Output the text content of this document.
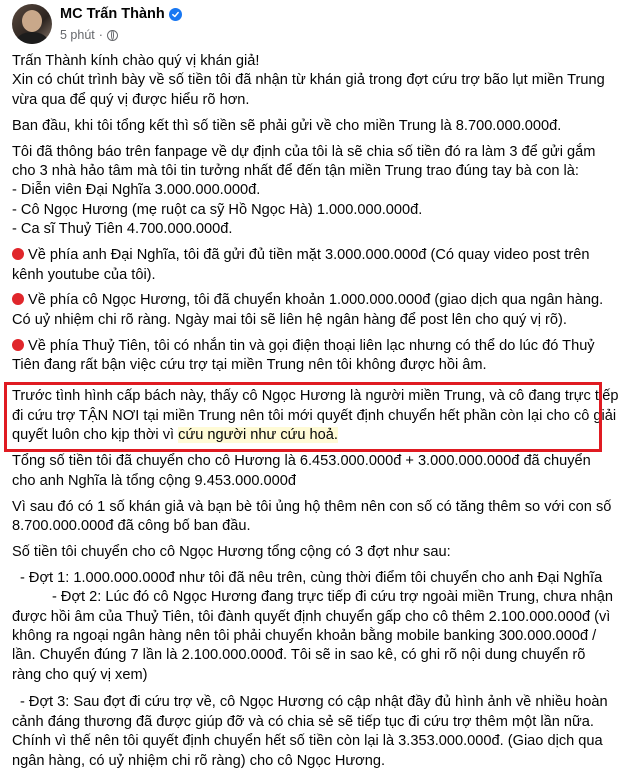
MC Trấn Thành
5 phút ·
Trấn Thành kính chào quý vị khán giả!
Xin có chút trình bày về số tiền tôi đã nhận từ khán giả trong đợt cứu trợ bão lụt miền Trung
vừa qua để quý vị được hiểu rõ hơn.
Ban đầu, khi tôi tổng kết thì số tiền sẽ phải gửi về cho miền Trung là 8.700.000.000đ.
Tôi đã thông báo trên fanpage về dự định của tôi là sẽ chia số tiền đó ra làm 3 để gửi gắm
cho 3 nhà hảo tâm mà tôi tin tưởng nhất để đến tận miền Trung trao đúng tay bà con là:
- Diễn viên Đại Nghĩa 3.000.000.000đ.
- Cô Ngọc Hương (mẹ ruột ca sỹ Hồ Ngọc Hà) 1.000.000.000đ.
- Ca sĩ Thuỷ Tiên 4.700.000.000đ.
Về phía anh Đại Nghĩa, tôi đã gửi đủ tiền mặt 3.000.000.000đ (Có quay video post trên
kênh youtube của tôi).
Về phía cô Ngọc Hương, tôi đã chuyển khoản 1.000.000.000đ (giao dịch qua ngân hàng.
Có uỷ nhiệm chi rõ ràng. Ngày mai tôi sẽ liên hệ ngân hàng để post lên cho quý vị rõ).
Về phía Thuỷ Tiên, tôi có nhắn tin và gọi điện thoại liên lạc nhưng có thể do lúc đó Thuỷ
Tiên đang rất bận việc cứu trợ tại miền Trung nên tôi không được hồi âm.
Trước tình hình cấp bách này, thấy cô Ngọc Hương là người miền Trung, và cô đang trực tiếp
đi cứu trợ TẬN NƠI tại miền Trung nên tôi mới quyết định chuyển hết phần còn lại cho cô giải
quyết luôn cho kịp thời vì cứu người như cứu hoả.
Tổng số tiền tôi đã chuyển cho cô Hương là 6.453.000.000đ + 3.000.000.000đ đã chuyển
cho anh Nghĩa là tổng cộng 9.453.000.000đ
Vì sau đó có 1 số khán giả và bạn bè tôi ủng hộ thêm nên con số có tăng thêm so với con số
8.700.000.000đ đã công bố ban đầu.
Số tiền tôi chuyển cho cô Ngọc Hương tổng cộng có 3 đợt như sau:
- Đợt 1: 1.000.000.000đ như tôi đã nêu trên, cùng thời điểm tôi chuyển cho anh Đại Nghĩa
- Đợt 2: Lúc đó cô Ngọc Hương đang trực tiếp đi cứu trợ ngoài miền Trung, chưa nhận
được hồi âm của Thuỷ Tiên, tôi đành quyết định chuyển gấp cho cô thêm 2.100.000.000đ (vì
không ra ngoại ngân hàng nên tôi phải chuyển khoản bằng mobile banking 300.000.000đ /
lần. Chuyển đúng 7 lần là 2.100.000.000đ. Tôi sẽ in sao kê, có ghi rõ nội dung chuyển rõ
ràng cho quý vị xem)
- Đợt 3: Sau đợt đi cứu trợ về, cô Ngọc Hương có cập nhật đầy đủ hình ảnh về nhiều hoàn
cảnh đáng thương đã được giúp đỡ và có chia sẻ sẽ tiếp tục đi cứu trợ thêm một lần nữa.
Chính vì thế nên tôi quyết định chuyển hết số tiền còn lại là 3.353.000.000đ. (Giao dịch qua
ngân hàng, có uỷ nhiệm chi rõ ràng) cho cô Ngọc Hương.
